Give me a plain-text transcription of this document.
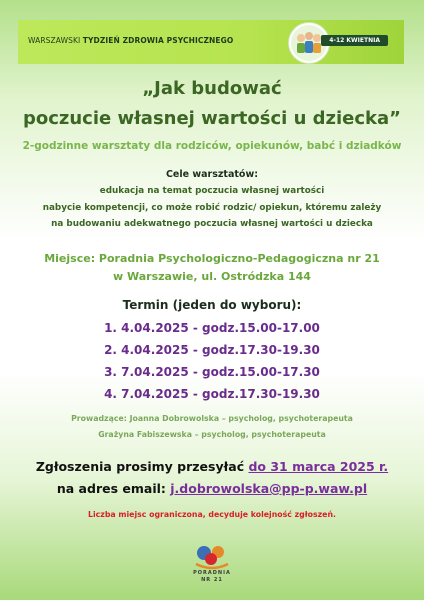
WARSZAWSKI TYDZIEŃ ZDROWIA PSYCHICZNEGO	4-12 KWIETNIA
„Jak budować
poczucie własnej wartości u dziecka”
2-godzinne warsztaty dla rodziców, opiekunów, babć i dziadków
Cele warsztatów:
edukacja na temat poczucia własnej wartości
nabycie kompetencji, co może robić rodzic/ opiekun, któremu zależy
na budowaniu adekwatnego poczucia własnej wartości u dziecka
Miejsce: Poradnia Psychologiczno-Pedagogiczna nr 21
w Warszawie, ul. Ostródzka 144
Termin (jeden do wyboru):
1. 4.04.2025 - godz.15.00-17.00
2. 4.04.2025 - godz.17.30-19.30
3. 7.04.2025 - godz.15.00-17.30
4. 7.04.2025 - godz.17.30-19.30
Prowadzące: Joanna Dobrowolska – psycholog, psychoterapeuta
Grażyna Fabiszewska – psycholog, psychoterapeuta
Zgłoszenia prosimy przesyłać do 31 marca 2025 r.
na adres email: j.dobrowolska@pp-p.waw.pl
Liczba miejsc ograniczona, decyduje kolejność zgłoszeń.
PORADNIA
NR 21
